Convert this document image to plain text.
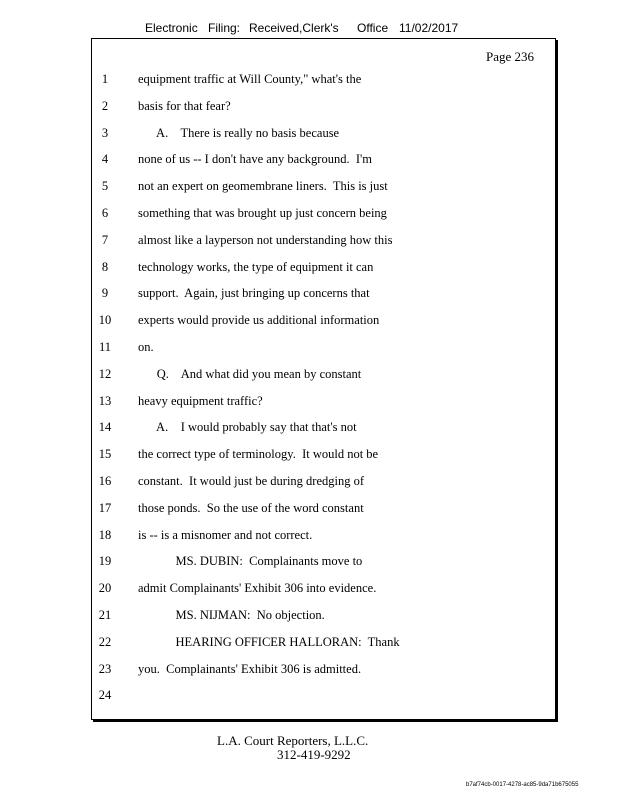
Electronic Filing: Received,Clerk's Office 11/02/2017
Page 236
1	equipment traffic at Will County," what's the
2	basis for that fear?
3	A.    There is really no basis because
4	none of us -- I don't have any background.  I'm
5	not an expert on geomembrane liners.  This is just
6	something that was brought up just concern being
7	almost like a layperson not understanding how this
8	technology works, the type of equipment it can
9	support.  Again, just bringing up concerns that
10	experts would provide us additional information
11	on.
12	Q.    And what did you mean by constant
13	heavy equipment traffic?
14	A.    I would probably say that that's not
15	the correct type of terminology.  It would not be
16	constant.  It would just be during dredging of
17	those ponds.  So the use of the word constant
18	is -- is a misnomer and not correct.
19	MS. DUBIN:  Complainants move to
20	admit Complainants' Exhibit 306 into evidence.
21	MS. NIJMAN:  No objection.
22	HEARING OFFICER HALLORAN:  Thank
23	you.  Complainants' Exhibit 306 is admitted.
24
L.A. Court Reporters, L.L.C.
312-419-9292
b7af74cb-0017-4278-ac85-9da71b675055
